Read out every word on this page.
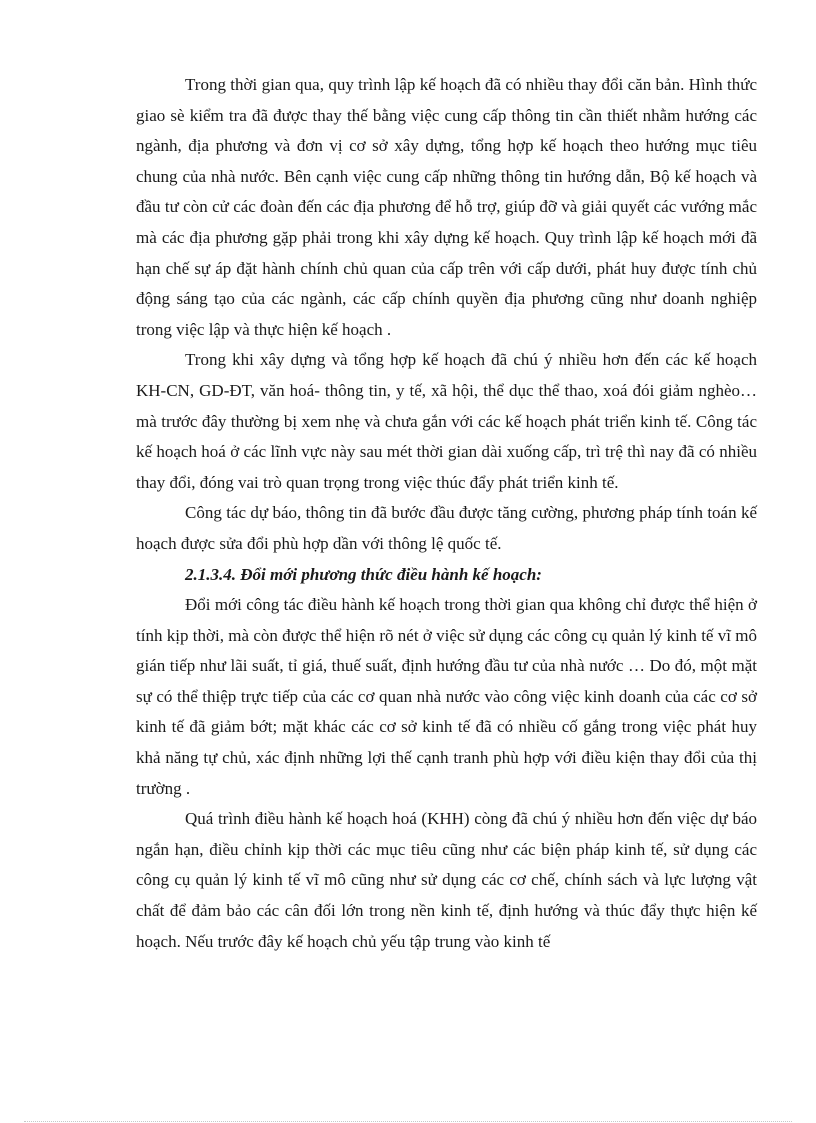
Trong thời gian qua, quy trình lập kế hoạch đã có nhiều thay đổi căn bản. Hình thức giao sè kiểm tra đã được thay thế bằng việc cung cấp thông tin cần thiết nhằm hướng các ngành, địa phương và đơn vị cơ sở xây dựng, tổng hợp kế hoạch theo hướng mục tiêu chung của nhà nước. Bên cạnh việc cung cấp những thông tin hướng dẫn, Bộ kế hoạch và đầu tư còn cử các đoàn đến các địa phương để hỗ trợ, giúp đỡ và giải quyết các vướng mắc mà các địa phương gặp phải trong khi xây dựng kế hoạch. Quy trình lập kế hoạch mới đã hạn chế sự áp đặt hành chính chủ quan của cấp trên với cấp dưới, phát huy được tính chủ động sáng tạo của các ngành, các cấp chính quyền địa phương cũng như doanh nghiệp trong việc lập và thực hiện kế hoạch .

Trong khi xây dựng và tổng hợp kế hoạch đã chú ý nhiều hơn đến các kế hoạch KH-CN, GD-ĐT, văn hoá- thông tin, y tế, xã hội, thể dục thể thao, xoá đói giảm nghèo… mà trước đây thường bị xem nhẹ và chưa gắn với các kế hoạch phát triển kinh tế. Công tác kế hoạch hoá ở các lĩnh vực này sau mét thời gian dài xuống cấp, trì trệ thì nay đã có nhiều thay đổi, đóng vai trò quan trọng trong việc thúc đẩy phát triển kinh tế.

Công tác dự báo, thông tin đã bước đầu được tăng cường, phương pháp tính toán kế hoạch được sửa đổi phù hợp dần với thông lệ quốc tế.

2.1.3.4. Đổi mới phương thức điều hành kế hoạch:

Đổi mới công tác điều hành kế hoạch trong thời gian qua không chỉ được thể hiện ở tính kịp thời, mà còn được thể hiện rõ nét ở việc sử dụng các công cụ quản lý kinh tế vĩ mô gián tiếp như lãi suất, tỉ giá, thuế suất, định hướng đầu tư của nhà nước … Do đó, một mặt sự có thể thiệp trực tiếp của các cơ quan nhà nước vào công việc kinh doanh của các cơ sở kinh tế đã giảm bớt; mặt khác các cơ sở kinh tế đã có nhiều cố gắng trong việc phát huy khả năng tự chủ, xác định những lợi thế cạnh tranh phù hợp với điều kiện thay đổi của thị trường .

Quá trình điều hành kế hoạch hoá (KHH) còng đã chú ý nhiều hơn đến việc dự báo ngắn hạn, điều chỉnh kịp thời các mục tiêu cũng như các biện pháp kinh tế, sử dụng các công cụ quản lý kinh tế vĩ mô cũng như sử dụng các cơ chế, chính sách và lực lượng vật chất để đảm bảo các cân đối lớn trong nền kinh tế, định hướng và thúc đẩy thực hiện kế hoạch. Nếu trước đây kế hoạch chủ yếu tập trung vào kinh tế
